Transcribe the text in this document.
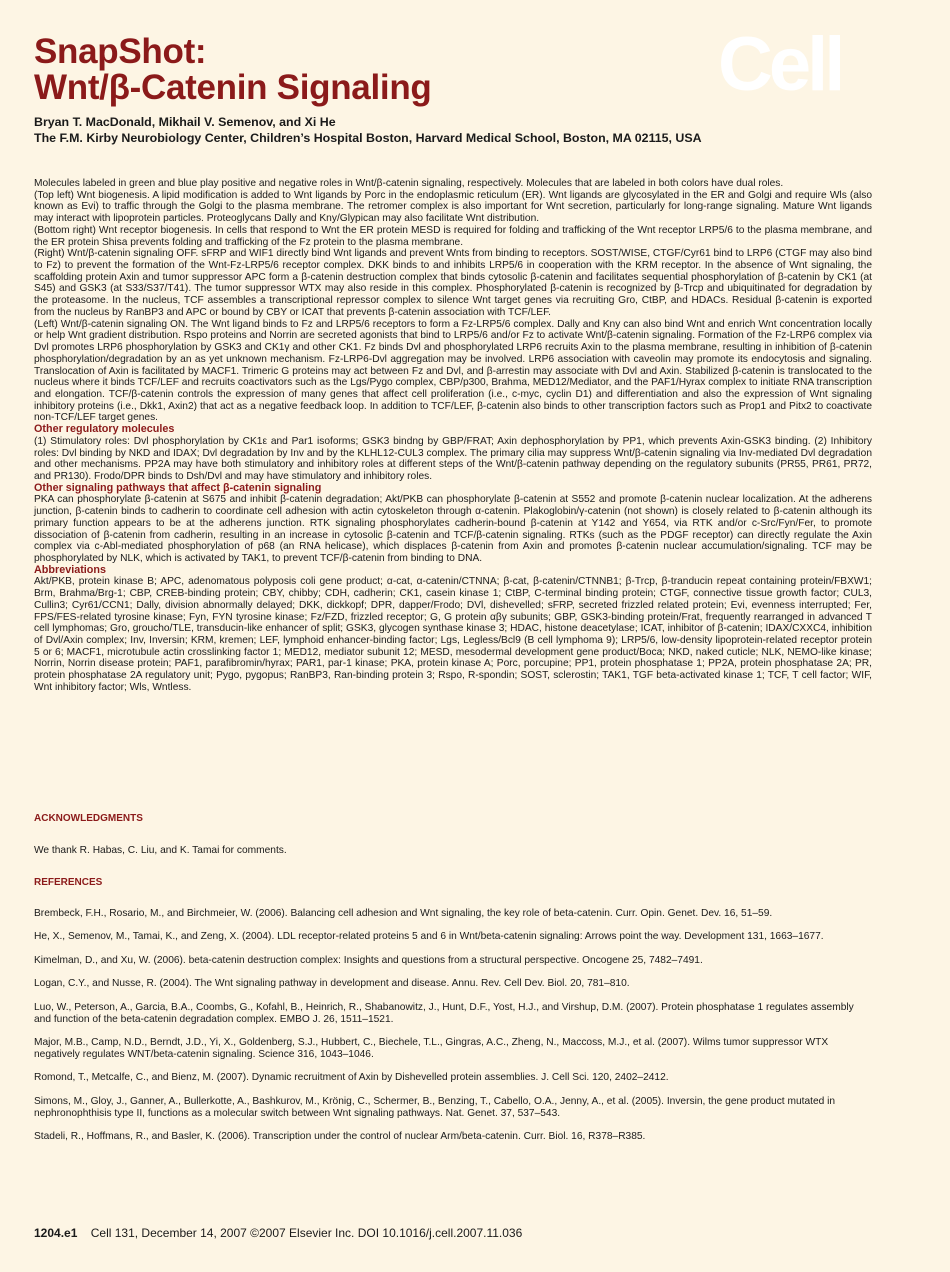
SnapShot:
Wnt/β-Catenin Signaling	Cell
Bryan T. MacDonald, Mikhail V. Semenov, and Xi He
The F.M. Kirby Neurobiology Center, Children’s Hospital Boston, Harvard Medical School, Boston, MA 02115, USA

Molecules labeled in green and blue play positive and negative roles in Wnt/β-catenin signaling, respectively. Molecules that are labeled in both colors have dual roles.

(Top left) Wnt biogenesis. A lipid modification is added to Wnt ligands by Porc in the endoplasmic reticulum (ER). Wnt ligands are glycosylated in the ER and Golgi and require Wls (also known as Evi) to traffic through the Golgi to the plasma membrane. The retromer complex is also important for Wnt secretion, particularly for long-range signaling. Mature Wnt ligands may interact with lipoprotein particles. Proteoglycans Dally and Kny/Glypican may also facilitate Wnt distribution.

(Bottom right) Wnt receptor biogenesis. In cells that respond to Wnt the ER protein MESD is required for folding and trafficking of the Wnt receptor LRP5/6 to the plasma membrane, and the ER protein Shisa prevents folding and trafficking of the Fz protein to the plasma membrane.

(Right) Wnt/β-catenin signaling OFF. sFRP and WIF1 directly bind Wnt ligands and prevent Wnts from binding to receptors. SOST/WISE, CTGF/Cyr61 bind to LRP6 (CTGF may also bind to Fz) to prevent the formation of the Wnt-Fz-LRP5/6 receptor complex. DKK binds to and inhibits LRP5/6 in cooperation with the KRM receptor. In the absence of Wnt signaling, the scaffolding protein Axin and tumor suppressor APC form a β-catenin destruction complex that binds cytosolic β-catenin and facilitates sequential phosphorylation of β-catenin by CK1 (at S45) and GSK3 (at S33/S37/T41). The tumor suppressor WTX may also reside in this complex. Phosphorylated β-catenin is recognized by β-Trcp and ubiquitinated for degradation by the proteasome. In the nucleus, TCF assembles a transcriptional repressor complex to silence Wnt target genes via recruiting Gro, CtBP, and HDACs. Residual β-catenin is exported from the nucleus by RanBP3 and APC or bound by CBY or ICAT that prevents β-catenin association with TCF/LEF.

(Left) Wnt/β-catenin signaling ON. The Wnt ligand binds to Fz and LRP5/6 receptors to form a Fz-LRP5/6 complex. Dally and Kny can also bind Wnt and enrich Wnt concentration locally or help Wnt gradient distribution. Rspo proteins and Norrin are secreted agonists that bind to LRP5/6 and/or Fz to activate Wnt/β-catenin signaling. Formation of the Fz-LRP6 complex via Dvl promotes LRP6 phosphorylation by GSK3 and CK1γ and other CK1. Fz binds Dvl and phosphorylated LRP6 recruits Axin to the plasma membrane, resulting in inhibition of β-catenin phosphorylation/degradation by an as yet unknown mechanism. Fz-LRP6-Dvl aggregation may be involved. LRP6 association with caveolin may promote its endocytosis and signaling. Translocation of Axin is facilitated by MACF1. Trimeric G proteins may act between Fz and Dvl, and β-arrestin may associate with Dvl and Axin. Stabilized β-catenin is translocated to the nucleus where it binds TCF/LEF and recruits coactivators such as the Lgs/Pygo complex, CBP/p300, Brahma, MED12/Mediator, and the PAF1/Hyrax complex to initiate RNA transcription and elongation. TCF/β-catenin controls the expression of many genes that affect cell proliferation (i.e., c-myc, cyclin D1) and differentiation and also the expression of Wnt signaling inhibitory proteins (i.e., Dkk1, Axin2) that act as a negative feedback loop. In addition to TCF/LEF, β-catenin also binds to other transcription factors such as Prop1 and Pitx2 to coactivate non-TCF/LEF target genes.

Other regulatory molecules

(1) Stimulatory roles: Dvl phosphorylation by CK1ε and Par1 isoforms; GSK3 bindng by GBP/FRAT; Axin dephosphorylation by PP1, which prevents Axin-GSK3 binding. (2) Inhibitory roles: Dvl binding by NKD and IDAX; Dvl degradation by Inv and by the KLHL12-CUL3 complex. The primary cilia may suppress Wnt/β-catenin signaling via Inv-mediated Dvl degradation and other mechanisms. PP2A may have both stimulatory and inhibitory roles at different steps of the Wnt/β-catenin pathway depending on the regulatory subunits (PR55, PR61, PR72, and PR130). Frodo/DPR binds to Dsh/Dvl and may have stimulatory and inhibitory roles.

Other signaling pathways that affect β-catenin signaling

PKA can phosphorylate β-catenin at S675 and inhibit β-catenin degradation; Akt/PKB can phosphorylate β-catenin at S552 and promote β-catenin nuclear localization. At the adherens junction, β-catenin binds to cadherin to coordinate cell adhesion with actin cytoskeleton through α-catenin. Plakoglobin/γ-catenin (not shown) is closely related to β-catenin although its primary function appears to be at the adherens junction. RTK signaling phosphorylates cadherin-bound β-catenin at Y142 and Y654, via RTK and/or c-Src/Fyn/Fer, to promote dissociation of β-catenin from cadherin, resulting in an increase in cytosolic β-catenin and TCF/β-catenin signaling. RTKs (such as the PDGF receptor) can directly regulate the Axin complex via c-Abl-mediated phosphorylation of p68 (an RNA helicase), which displaces β-catenin from Axin and promotes β-catenin nuclear accumulation/signaling. TCF may be phosphorylated by NLK, which is activated by TAK1, to prevent TCF/β-catenin from binding to DNA.

Abbreviations

Akt/PKB, protein kinase B; APC, adenomatous polyposis coli gene product; α-cat, α-catenin/CTNNA; β-cat, β-catenin/CTNNB1; β-Trcp, β-tranducin repeat containing protein/FBXW1; Brm, Brahma/Brg-1; CBP, CREB-binding protein; CBY, chibby; CDH, cadherin; CK1, casein kinase 1; CtBP, C-terminal binding protein; CTGF, connective tissue growth factor; CUL3, Cullin3; Cyr61/CCN1; Dally, division abnormally delayed; DKK, dickkopf; DPR, dapper/Frodo; DVl, dishevelled; sFRP, secreted frizzled related protein; Evi, evenness interrupted; Fer, FPS/FES-related tyrosine kinase; Fyn, FYN tyrosine kinase; Fz/FZD, frizzled receptor; G, G protein αβγ subunits; GBP, GSK3-binding protein/Frat, frequently rearranged in advanced T cell lymphomas; Gro, groucho/TLE, transducin-like enhancer of split; GSK3, glycogen synthase kinase 3; HDAC, histone deacetylase; ICAT, inhibitor of β-catenin; IDAX/CXXC4, inhibition of Dvl/Axin complex; Inv, Inversin; KRM, kremen; LEF, lymphoid enhancer-binding factor; Lgs, Legless/Bcl9 (B cell lymphoma 9); LRP5/6, low-density lipoprotein-related receptor protein 5 or 6; MACF1, microtubule actin crosslinking factor 1; MED12, mediator subunit 12; MESD, mesodermal development gene product/Boca; NKD, naked cuticle; NLK, NEMO-like kinase; Norrin, Norrin disease protein; PAF1, parafibromin/hyrax; PAR1, par-1 kinase; PKA, protein kinase A; Porc, porcupine; PP1, protein phosphatase 1; PP2A, protein phosphatase 2A; PR, protein phosphatase 2A regulatory unit; Pygo, pygopus; RanBP3, Ran-binding protein 3; Rspo, R-spondin; SOST, sclerostin; TAK1, TGF beta-activated kinase 1; TCF, T cell factor; WIF, Wnt inhibitory factor; Wls, Wntless.

ACKNOWLEDGMENTS
We thank R. Habas, C. Liu, and K. Tamai for comments.
REFERENCES

Brembeck, F.H., Rosario, M., and Birchmeier, W. (2006). Balancing cell adhesion and Wnt signaling, the key role of beta-catenin. Curr. Opin. Genet. Dev. 16, 51–59.

He, X., Semenov, M., Tamai, K., and Zeng, X. (2004). LDL receptor-related proteins 5 and 6 in Wnt/beta-catenin signaling: Arrows point the way. Development 131, 1663–1677.

Kimelman, D., and Xu, W. (2006). beta-catenin destruction complex: Insights and questions from a structural perspective. Oncogene 25, 7482–7491.

Logan, C.Y., and Nusse, R. (2004). The Wnt signaling pathway in development and disease. Annu. Rev. Cell Dev. Biol. 20, 781–810.

Luo, W., Peterson, A., Garcia, B.A., Coombs, G., Kofahl, B., Heinrich, R., Shabanowitz, J., Hunt, D.F., Yost, H.J., and Virshup, D.M. (2007). Protein phosphatase 1 regulates assembly and function of the beta-catenin degradation complex. EMBO J. 26, 1511–1521.

Major, M.B., Camp, N.D., Berndt, J.D., Yi, X., Goldenberg, S.J., Hubbert, C., Biechele, T.L., Gingras, A.C., Zheng, N., Maccoss, M.J., et al. (2007). Wilms tumor suppressor WTX negatively regulates WNT/beta-catenin signaling. Science 316, 1043–1046.

Romond, T., Metcalfe, C., and Bienz, M. (2007). Dynamic recruitment of Axin by Dishevelled protein assemblies. J. Cell Sci. 120, 2402–2412.

Simons, M., Gloy, J., Ganner, A., Bullerkotte, A., Bashkurov, M., Krönig, C., Schermer, B., Benzing, T., Cabello, O.A., Jenny, A., et al. (2005). Inversin, the gene product mutated in nephronophthisis type II, functions as a molecular switch between Wnt signaling pathways. Nat. Genet. 37, 537–543.

Stadeli, R., Hoffmans, R., and Basler, K. (2006). Transcription under the control of nuclear Arm/beta-catenin. Curr. Biol. 16, R378–R385.

1204.e1 Cell 131, December 14, 2007 ©2007 Elsevier Inc. DOI 10.1016/j.cell.2007.11.036
